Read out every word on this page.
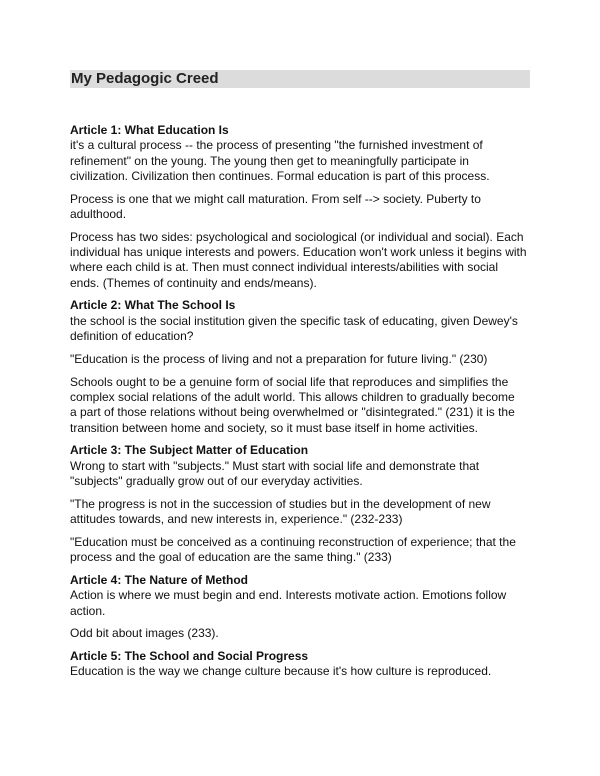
My Pedagogic Creed
Article 1: What Education Is
it's a cultural process -- the process of presenting "the furnished investment of
refinement" on the young. The young then get to meaningfully participate in
civilization. Civilization then continues. Formal education is part of this process.
Process is one that we might call maturation. From self --> society. Puberty to
adulthood.
Process has two sides: psychological and sociological (or individual and social). Each
individual has unique interests and powers. Education won't work unless it begins with
where each child is at. Then must connect individual interests/abilities with social
ends. (Themes of continuity and ends/means).
Article 2: What The School Is
the school is the social institution given the specific task of educating, given Dewey's
definition of education?
"Education is the process of living and not a preparation for future living." (230)
Schools ought to be a genuine form of social life that reproduces and simplifies the
complex social relations of the adult world. This allows children to gradually become
a part of those relations without being overwhelmed or "disintegrated." (231) it is the
transition between home and society, so it must base itself in home activities.
Article 3: The Subject Matter of Education
Wrong to start with "subjects." Must start with social life and demonstrate that
"subjects" gradually grow out of our everyday activities.
"The progress is not in the succession of studies but in the development of new
attitudes towards, and new interests in, experience." (232-233)
"Education must be conceived as a continuing reconstruction of experience; that the
process and the goal of education are the same thing." (233)
Article 4: The Nature of Method
Action is where we must begin and end. Interests motivate action. Emotions follow
action.
Odd bit about images (233).
Article 5: The School and Social Progress
Education is the way we change culture because it's how culture is reproduced.
